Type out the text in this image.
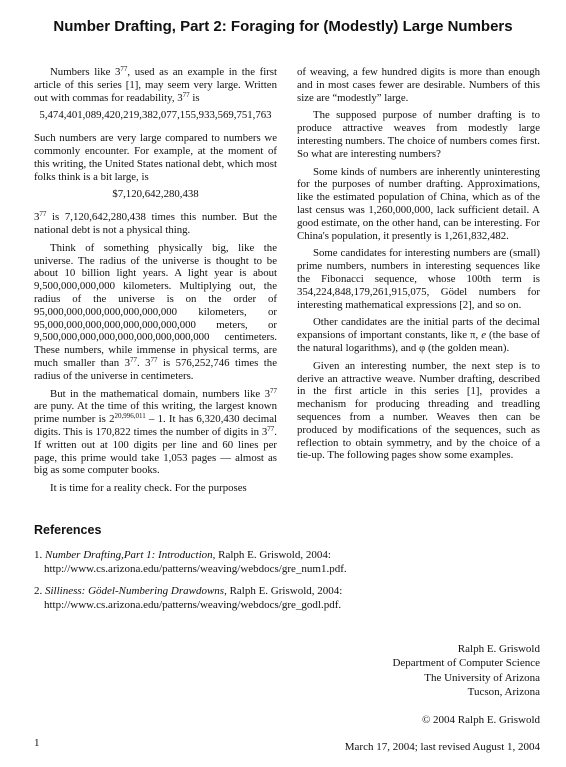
Number Drafting, Part 2: Foraging for (Modestly) Large Numbers

Numbers like $3^{77}$, used as an example in the first article of this series [1], may seem very large. Written out with commas for readability, $3^{77}$ is

5,474,401,089,420,219,382,077,155,933,569,751,763

Such numbers are very large compared to numbers we commonly encounter. For example, at the moment of this writing, the United States national debt, which most folks think is a bit large, is

$7,120,642,280,438

$3^{77}$ is 7,120,642,280,438 times this number. But the national debt is not a physical thing.

Think of something physically big, like the universe. The radius of the universe is thought to be about 10 billion light years. A light year is about 9,500,000,000,000 kilometers. Multiplying out, the radius of the universe is on the order of 95,000,000,000,000,000,000,000 kilometers, or 95,000,000,000,000,000,000,000,000 meters, or 9,500,000,000,000,000,000,000,000,000 centimeters. These numbers, while immense in physical terms, are much smaller than $3^{77}$. $3^{77}$ is 576,252,746 times the radius of the universe in centimeters.

But in the mathematical domain, numbers like $3^{77}$ are puny. At the time of this writing, the largest known prime number is 2$^{20,996,011}$ – 1. It has 6,320,430 decimal digits. This is 170,822 times the number of digits in $3^{77}$. If written out at 100 digits per line and 60 lines per page, this prime would take 1,053 pages — almost as big as some computer books.

It is time for a reality check. For the purposes

of weaving, a few hundred digits is more than enough and in most cases fewer are desirable. Numbers of this size are “modestly” large.

The supposed purpose of number drafting is to produce attractive weaves from modestly large interesting numbers. The choice of numbers comes first. So what are interesting numbers?

Some kinds of numbers are inherently uninteresting for the purposes of number drafting. Approximations, like the estimated population of China, which as of the last census was 1,260,000,000, lack sufficient detail. A good estimate, on the other hand, can be interesting. For China's population, it presently is 1,261,832,482.

Some candidates for interesting numbers are (small) prime numbers, numbers in interesting sequences like the Fibonacci sequence, whose 100th term is 354,224,848,179,261,915,075, Gödel numbers for interesting mathematical expressions [2], and so on.

Other candidates are the initial parts of the decimal expansions of important constants, like π, e (the base of the natural logarithms), and φ (the golden mean).

Given an interesting number, the next step is to derive an attractive weave. Number drafting, described in the first article in this series [1], provides a mechanism for producing threading and treadling sequences from a number. Weaves then can be produced by modifications of the sequences, such as reflection to obtain symmetry, and by the choice of a tie-up. The following pages show some examples.

References
1. Number Drafting,Part 1: Introduction, Ralph E. Griswold, 2004:
http://www.cs.arizona.edu/patterns/weaving/webdocs/gre_num1.pdf.
2. Silliness: Gödel-Numbering Drawdowns, Ralph E. Griswold, 2004:
http://www.cs.arizona.edu/patterns/weaving/webdocs/gre_godl.pdf.
Ralph E. Griswold
Department of Computer Science
The University of Arizona
Tucson, Arizona
© 2004 Ralph E. Griswold
1	March 17, 2004; last revised August 1, 2004
